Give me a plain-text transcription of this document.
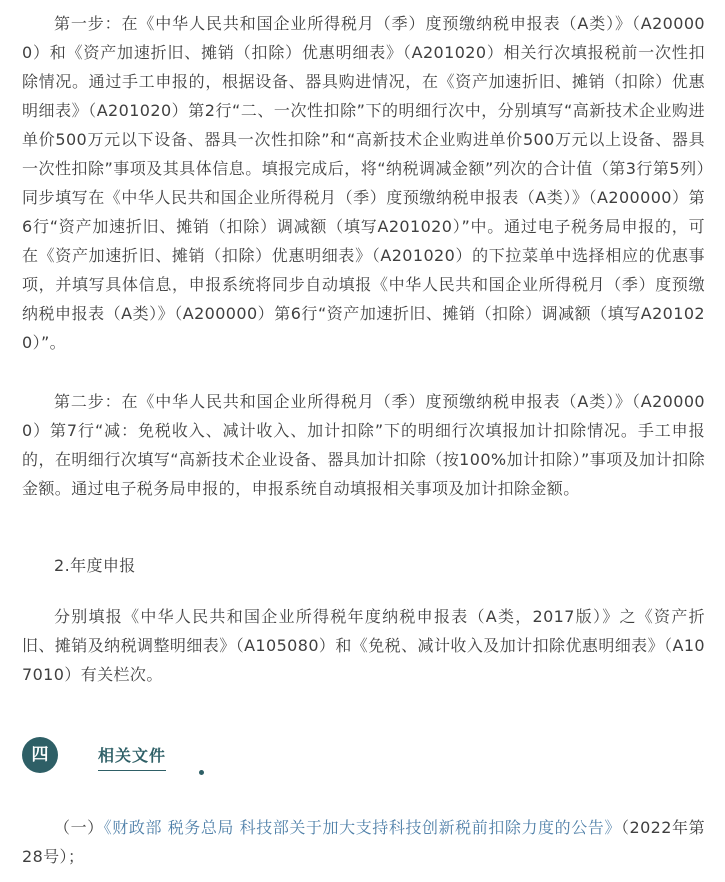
第一步：在《中华人民共和国企业所得税月（季）度预缴纳税申报表（A类）》（A200000）和《资产加速折旧、摊销（扣除）优惠明细表》（A201020）相关行次填报税前一次性扣除情况。通过手工申报的，根据设备、器具购进情况，在《资产加速折旧、摊销（扣除）优惠明细表》（A201020）第2行“二、一次性扣除”下的明细行次中，分别填写“高新技术企业购进单价500万元以下设备、器具一次性扣除”和“高新技术企业购进单价500万元以上设备、器具一次性扣除”事项及其具体信息。填报完成后，将“纳税调减金额”列次的合计值（第3行第5列）同步填写在《中华人民共和国企业所得税月（季）度预缴纳税申报表（A类）》（A200000）第6行“资产加速折旧、摊销（扣除）调减额（填写A201020）”中。通过电子税务局申报的，可在《资产加速折旧、摊销（扣除）优惠明细表》（A201020）的下拉菜单中选择相应的优惠事项，并填写具体信息，申报系统将同步自动填报《中华人民共和国企业所得税月（季）度预缴纳税申报表（A类）》（A200000）第6行“资产加速折旧、摊销（扣除）调减额（填写A201020）”。

第二步：在《中华人民共和国企业所得税月（季）度预缴纳税申报表（A类）》（A200000）第7行“减：免税收入、减计收入、加计扣除”下的明细行次填报加计扣除情况。手工申报的，在明细行次填写“高新技术企业设备、器具加计扣除（按100%加计扣除）”事项及加计扣除金额。通过电子税务局申报的，申报系统自动填报相关事项及加计扣除金额。

2.年度申报

分别填报《中华人民共和国企业所得税年度纳税申报表（A类，2017版）》之《资产折旧、摊销及纳税调整明细表》（A105080）和《免税、减计收入及加计扣除优惠明细表》（A107010）有关栏次。

四	相关文件

（一）《财政部 税务总局 科技部关于加大支持科技创新税前扣除力度的公告》（2022年第28号）；
